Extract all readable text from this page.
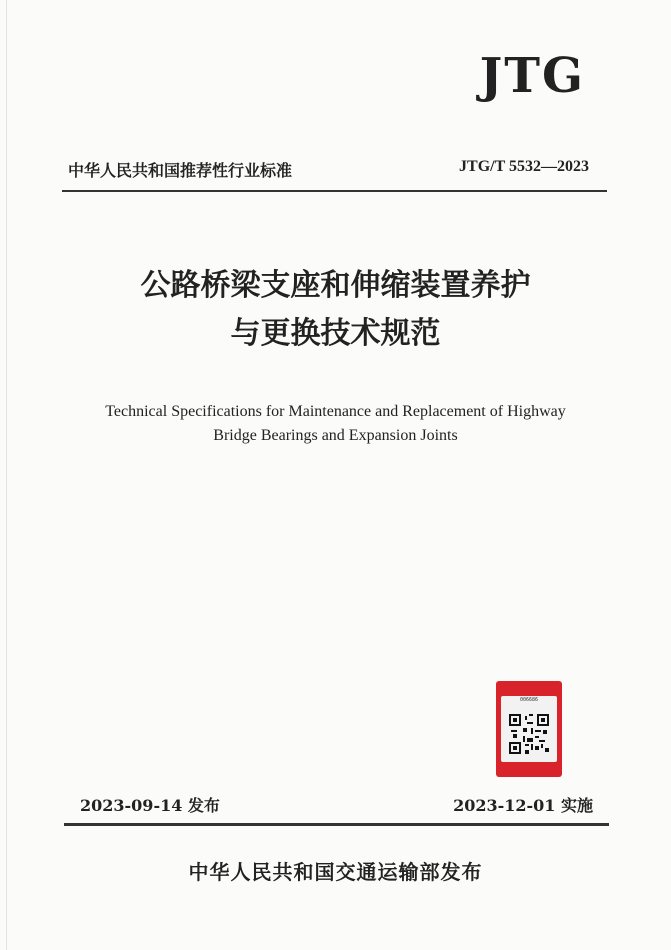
JTG
中华人民共和国推荐性行业标准	JTG/T 5532—2023
公路桥梁支座和伸缩装置养护
与更换技术规范
Technical Specifications for Maintenance and Replacement of Highway
Bridge Bearings and Expansion Joints
006686
2023-09-14 发布	2023-12-01 实施
中华人民共和国交通运输部发布
